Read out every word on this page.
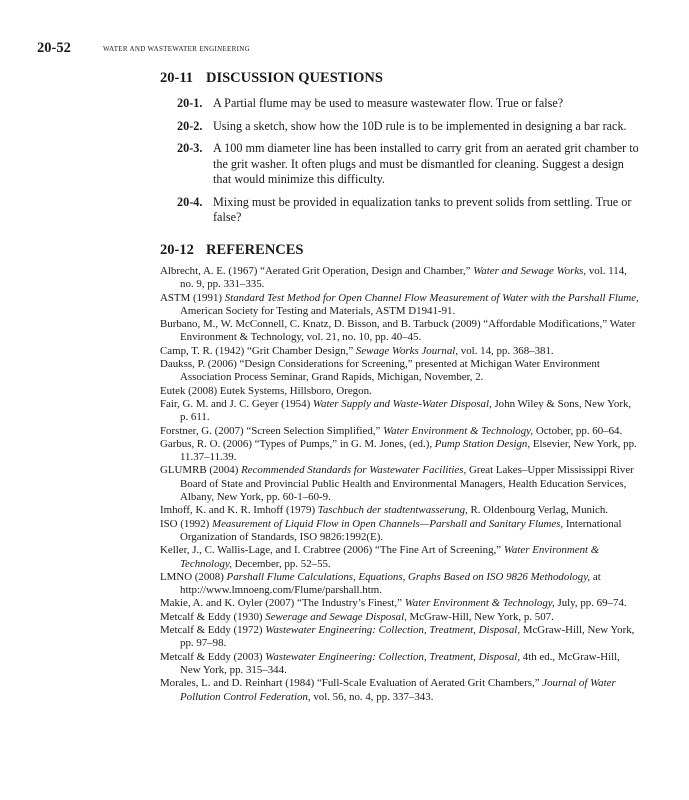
20-52	WATER AND WASTEWATER ENGINEERING
20-11 DISCUSSION QUESTIONS
20-1. A Partial flume may be used to measure wastewater flow. True or false?
20-2. Using a sketch, show how the 10D rule is to be implemented in designing a bar rack.
20-3. A 100 mm diameter line has been installed to carry grit from an aerated grit chamber to the grit washer. It often plugs and must be dismantled for cleaning. Suggest a design that would minimize this difficulty.
20-4. Mixing must be provided in equalization tanks to prevent solids from settling. True or false?
20-12 REFERENCES
Albrecht, A. E. (1967) “Aerated Grit Operation, Design and Chamber,” Water and Sewage Works, vol. 114, no. 9, pp. 331–335.
ASTM (1991) Standard Test Method for Open Channel Flow Measurement of Water with the Parshall Flume, American Society for Testing and Materials, ASTM D1941-91.
Burbano, M., W. McConnell, C. Knatz, D. Bisson, and B. Tarbuck (2009) “Affordable Modifications,” Water Environment & Technology, vol. 21, no. 10, pp. 40–45.
Camp, T. R. (1942) “Grit Chamber Design,” Sewage Works Journal, vol. 14, pp. 368–381.
Daukss, P. (2006) “Design Considerations for Screening,” presented at Michigan Water Environment Association Process Seminar, Grand Rapids, Michigan, November, 2.
Eutek (2008) Eutek Systems, Hillsboro, Oregon.
Fair, G. M. and J. C. Geyer (1954) Water Supply and Waste-Water Disposal, John Wiley & Sons, New York, p. 611.
Forstner, G. (2007) “Screen Selection Simplified,” Water Environment & Technology, October, pp. 60–64.
Garbus, R. O. (2006) “Types of Pumps,” in G. M. Jones, (ed.), Pump Station Design, Elsevier, New York, pp. 11.37–11.39.
GLUMRB (2004) Recommended Standards for Wastewater Facilities, Great Lakes–Upper Mississippi River Board of State and Provincial Public Health and Environmental Managers, Health Education Services, Albany, New York, pp. 60-1–60-9.
Imhoff, K. and K. R. Imhoff (1979) Taschbuch der stadtentwasserung, R. Oldenbourg Verlag, Munich.
ISO (1992) Measurement of Liquid Flow in Open Channels—Parshall and Sanitary Flumes, International Organization of Standards, ISO 9826:1992(E).
Keller, J., C. Wallis-Lage, and I. Crabtree (2006) “The Fine Art of Screening,” Water Environment & Technology, December, pp. 52–55.
LMNO (2008) Parshall Flume Calculations, Equations, Graphs Based on ISO 9826 Methodology, at http://www.lmnoeng.com/Flume/parshall.htm.
Makie, A. and K. Oyler (2007) “The Industry’s Finest,” Water Environment & Technology, July, pp. 69–74.
Metcalf & Eddy (1930) Sewerage and Sewage Disposal, McGraw-Hill, New York, p. 507.
Metcalf & Eddy (1972) Wastewater Engineering: Collection, Treatment, Disposal, McGraw-Hill, New York, pp. 97–98.
Metcalf & Eddy (2003) Wastewater Engineering: Collection, Treatment, Disposal, 4th ed., McGraw-Hill, New York, pp. 315–344.
Morales, L. and D. Reinhart (1984) “Full-Scale Evaluation of Aerated Grit Chambers,” Journal of Water Pollution Control Federation, vol. 56, no. 4, pp. 337–343.
